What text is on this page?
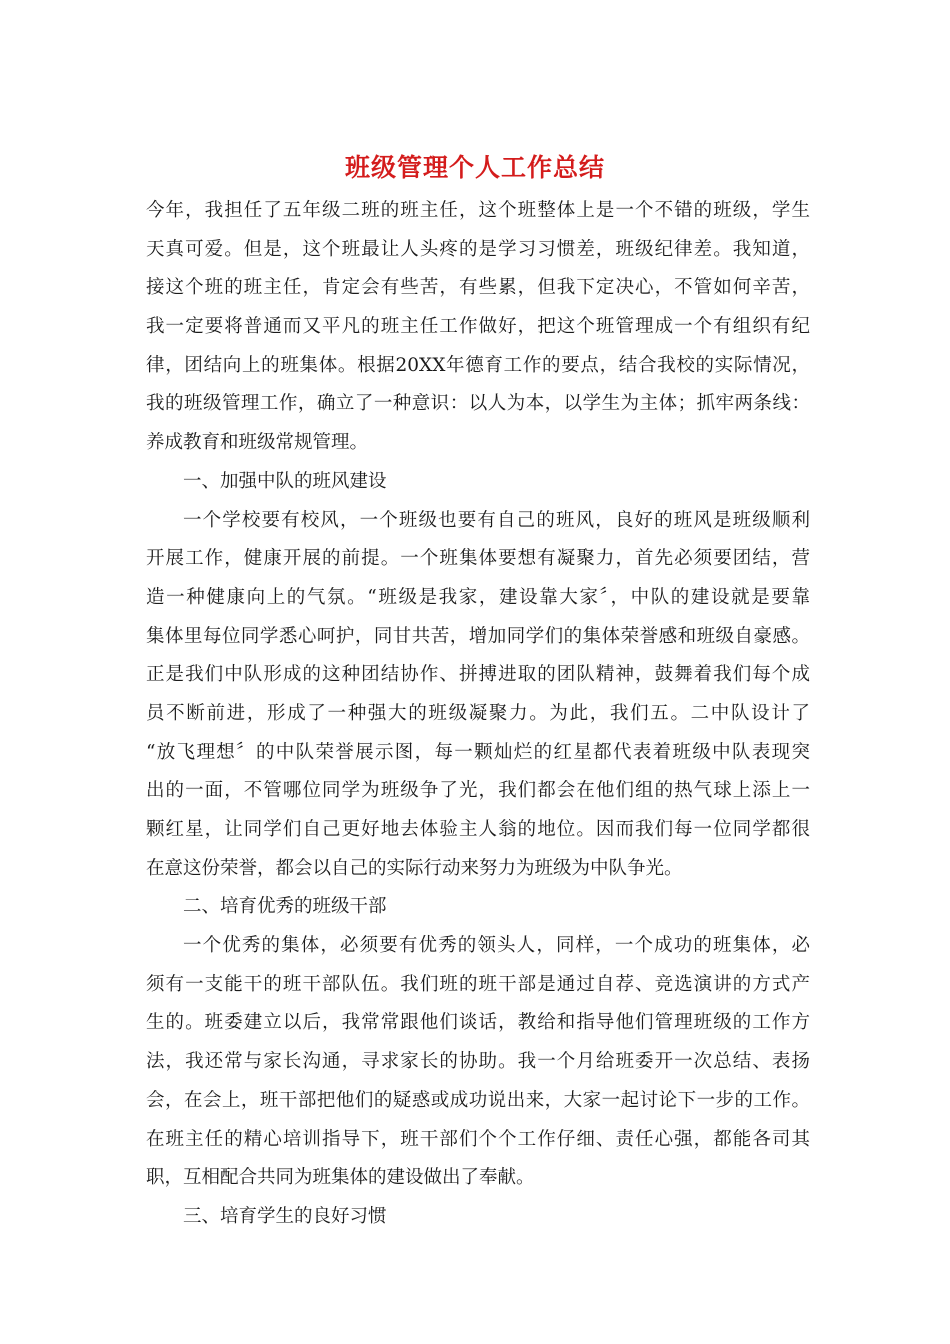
班级管理个人工作总结
今年，我担任了五年级二班的班主任，这个班整体上是一个不错的班级，学生
天真可爱。但是，这个班最让人头疼的是学习习惯差，班级纪律差。我知道，
接这个班的班主任，肯定会有些苦，有些累，但我下定决心，不管如何辛苦，
我一定要将普通而又平凡的班主任工作做好，把这个班管理成一个有组织有纪
律，团结向上的班集体。根据20XX年德育工作的要点，结合我校的实际情况，
我的班级管理工作，确立了一种意识：以人为本，以学生为主体；抓牢两条线：
养成教育和班级常规管理。
一、加强中队的班风建设
一个学校要有校风，一个班级也要有自己的班风，良好的班风是班级顺利
开展工作，健康开展的前提。一个班集体要想有凝聚力，首先必须要团结，营
造一种健康向上的气氛。“班级是我家，建设靠大家〞，中队的建设就是要靠
集体里每位同学悉心呵护，同甘共苦，增加同学们的集体荣誉感和班级自豪感。
正是我们中队形成的这种团结协作、拼搏进取的团队精神，鼓舞着我们每个成
员不断前进，形成了一种强大的班级凝聚力。为此，我们五。二中队设计了
“放飞理想〞的中队荣誉展示图，每一颗灿烂的红星都代表着班级中队表现突
出的一面，不管哪位同学为班级争了光，我们都会在他们组的热气球上添上一
颗红星，让同学们自己更好地去体验主人翁的地位。因而我们每一位同学都很
在意这份荣誉，都会以自己的实际行动来努力为班级为中队争光。
二、培育优秀的班级干部
一个优秀的集体，必须要有优秀的领头人，同样，一个成功的班集体，必
须有一支能干的班干部队伍。我们班的班干部是通过自荐、竞选演讲的方式产
生的。班委建立以后，我常常跟他们谈话，教给和指导他们管理班级的工作方
法，我还常与家长沟通，寻求家长的协助。我一个月给班委开一次总结、表扬
会，在会上，班干部把他们的疑惑或成功说出来，大家一起讨论下一步的工作。
在班主任的精心培训指导下，班干部们个个工作仔细、责任心强，都能各司其
职，互相配合共同为班集体的建设做出了奉献。
三、培育学生的良好习惯
